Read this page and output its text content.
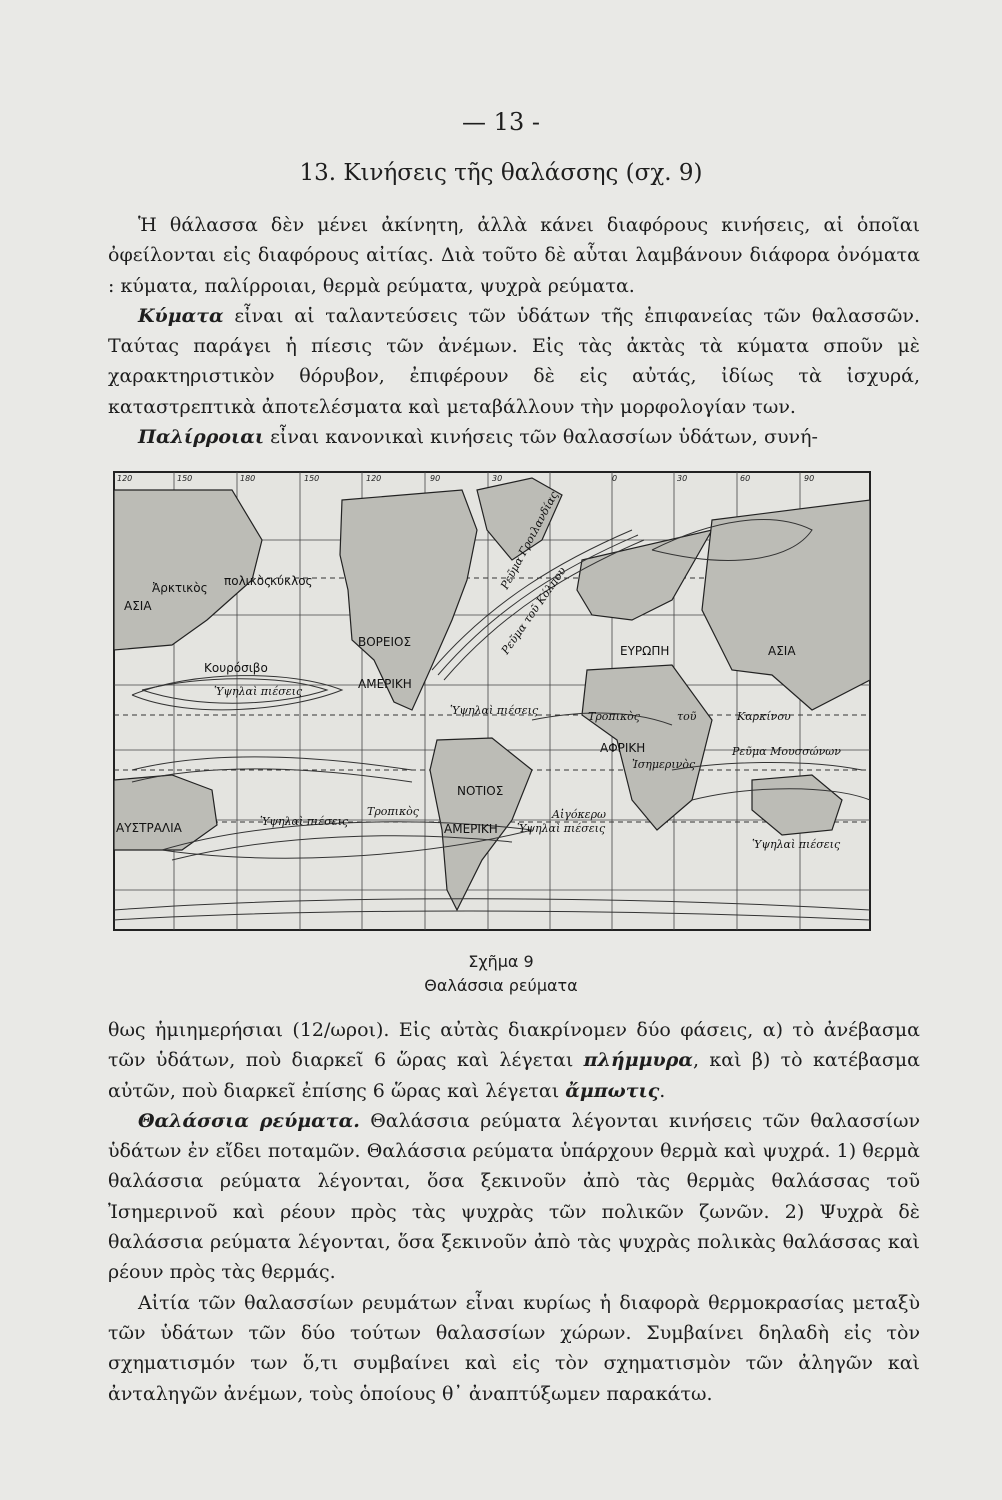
— 13 -
13. Κινήσεις τῆς θαλάσσης (σχ. 9)

Ἡ θάλασσα δὲν μένει ἀκίνητη, ἀλλὰ κάνει διαφόρους κινήσεις, αἱ ὁποῖαι ὀφείλονται εἰς διαφόρους αἰτίας. Διὰ τοῦτο δὲ αὗται λαμβάνουν διάφορα ὀνόματα : κύματα, παλίρροιαι, θερμὰ ρεύματα, ψυχρὰ ρεύματα.

Κύματα εἶναι αἱ ταλαντεύσεις τῶν ὑδάτων τῆς ἐπιφανείας τῶν θαλασσῶν. Ταύτας παράγει ἡ πίεσις τῶν ἀνέμων. Εἰς τὰς ἀκτὰς τὰ κύματα σποῦν μὲ χαρακτηριστικὸν θόρυβον, ἐπιφέρουν δὲ εἰς αὐτάς, ἰδίως τὰ ἰσχυρά, καταστρεπτικὰ ἀποτελέσματα καὶ μεταβάλλουν τὴν μορφολογίαν των.

Παλίρροιαι εἶναι κανονικαὶ κινήσεις τῶν θαλασσίων ὑδάτων, συνή-

120	150	180	150	120	90	30	0	30	60	90
Ἀρκτικὸς πολικὸς
κύκλος
ΑΣΙΑ
Κουρόσιβο
Ὑψηλαὶ πιέσεις
ΒΟΡΕΙΟΣ
ΑΜΕΡΙΚΗ
Ρεῦμα τοῦ Κόλπου
Ρεῦμα Γροιλανδίας
ΕΥΡΩΠΗ	ΑΣΙΑ
Ὑψηλαὶ πιέσεις	Τροπικὸς	τοῦ	Καρκίνου
ΑΦΡΙΚΗ
Ἰσημερινὸς
Ρεῦμα Μουσσώνων
ΝΟΤΙΟΣ
ΑΜΕΡΙΚΗ
ΑΥΣΤΡΑΛΙΑ	Ὑψηλαὶ πιέσεις
Τροπικὸς	Αἰγόκερω
Ὑψηλαὶ πιέσεις
Ὑψηλαὶ πιέσεις
Σχῆμα 9
Θαλάσσια ρεύματα

θως ἡμιημερήσιαι (12/ωροι). Εἰς αὐτὰς διακρίνομεν δύο φάσεις, α) τὸ ἀνέβασμα τῶν ὑδάτων, ποὺ διαρκεῖ 6 ὥρας καὶ λέγεται πλήμμυρα, καὶ β) τὸ κατέβασμα αὐτῶν, ποὺ διαρκεῖ ἐπίσης 6 ὥρας καὶ λέγεται ἄμπωτις.

Θαλάσσια ρεύματα. Θαλάσσια ρεύματα λέγονται κινήσεις τῶν θαλασσίων ὑδάτων ἐν εἴδει ποταμῶν. Θαλάσσια ρεύματα ὑπάρχουν θερμὰ καὶ ψυχρά. 1) θερμὰ θαλάσσια ρεύματα λέγονται, ὅσα ξεκινοῦν ἀπὸ τὰς θερμὰς θαλάσσας τοῦ Ἰσημερινοῦ καὶ ρέουν πρὸς τὰς ψυχρὰς τῶν πολικῶν ζωνῶν. 2) Ψυχρὰ δὲ θαλάσσια ρεύματα λέγονται, ὅσα ξεκινοῦν ἀπὸ τὰς ψυχρὰς πολικὰς θαλάσσας καὶ ρέουν πρὸς τὰς θερμάς.

Αἰτία τῶν θαλασσίων ρευμάτων εἶναι κυρίως ἡ διαφορὰ θερμοκρασίας μεταξὺ τῶν ὑδάτων τῶν δύο τούτων θαλασσίων χώρων. Συμβαίνει δηλαδὴ εἰς τὸν σχηματισμόν των ὅ,τι συμβαίνει καὶ εἰς τὸν σχηματισμὸν τῶν ἀληγῶν καὶ ἀνταληγῶν ἀνέμων, τοὺς ὁποίους θ᾽ ἀναπτύξωμεν παρακάτω.
